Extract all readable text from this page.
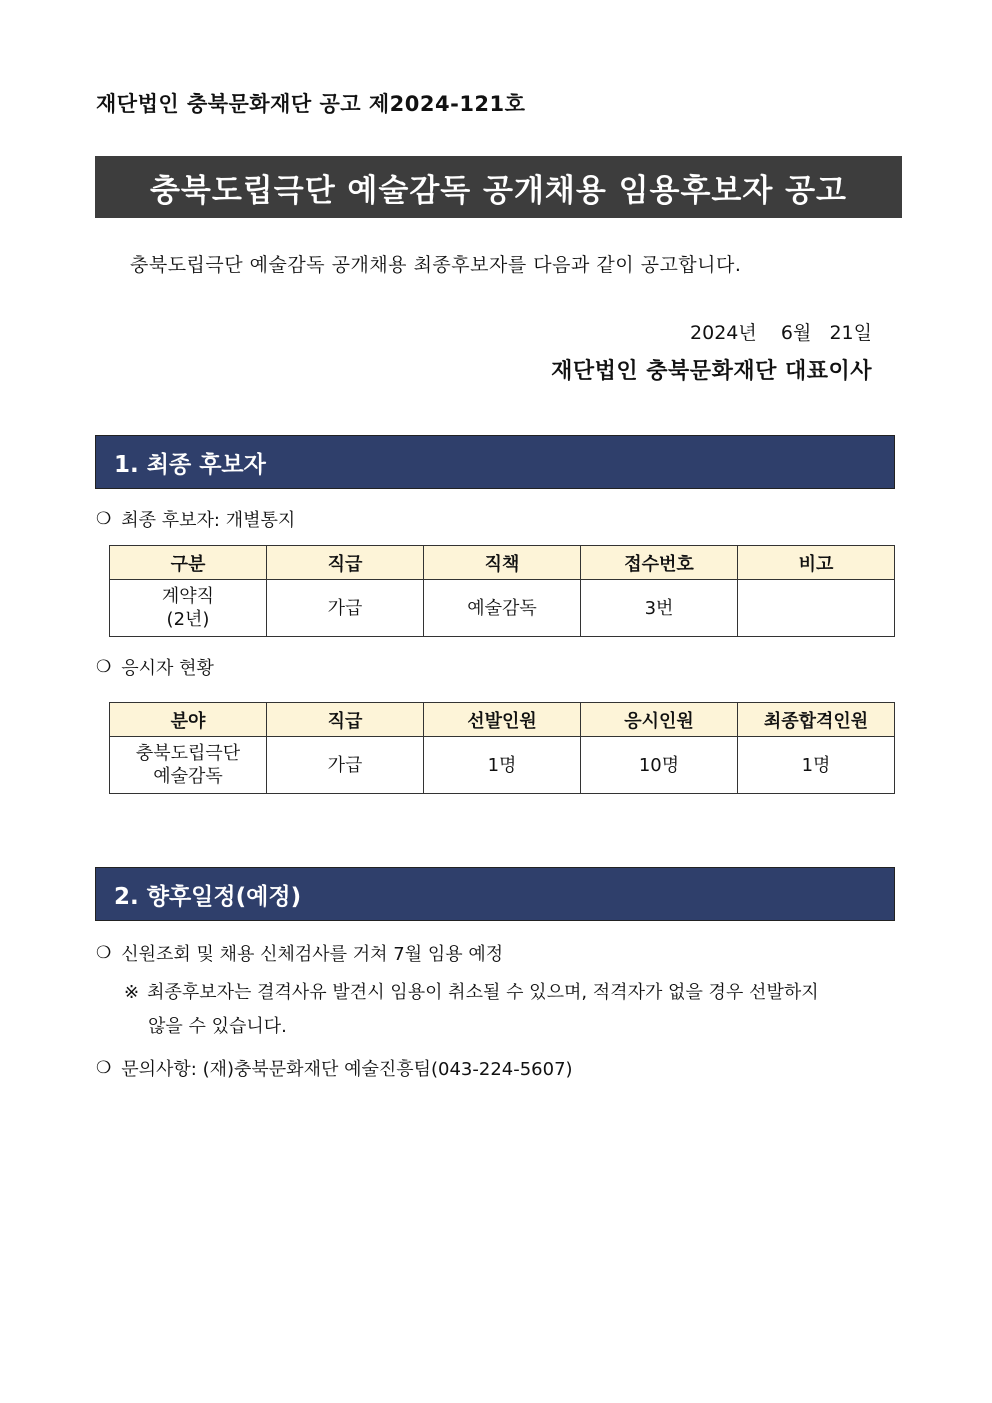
재단법인 충북문화재단 공고 제2024-121호
충북도립극단 예술감독 공개채용 임용후보자 공고
충북도립극단 예술감독 공개채용 최종후보자를 다음과 같이 공고합니다.
2024년    6월   21일
재단법인 충북문화재단 대표이사
1. 최종 후보자
❍ 최종 후보자: 개별통지
구분	직급	직책	접수번호	비고

계약직
(2년)	가급	예술감독	3번	
❍ 응시자 현황
분야	직급	선발인원	응시인원	최종합격인원

충북도립극단
예술감독	가급	1명	10명	1명
2. 향후일정(예정)
❍ 신원조회 및 채용 신체검사를 거쳐 7월 임용 예정
※ 최종후보자는 결격사유 발견시 임용이 취소될 수 있으며, 적격자가 없을 경우 선발하지
않을 수 있습니다.
❍ 문의사항: (재)충북문화재단 예술진흥팀(043-224-5607)
